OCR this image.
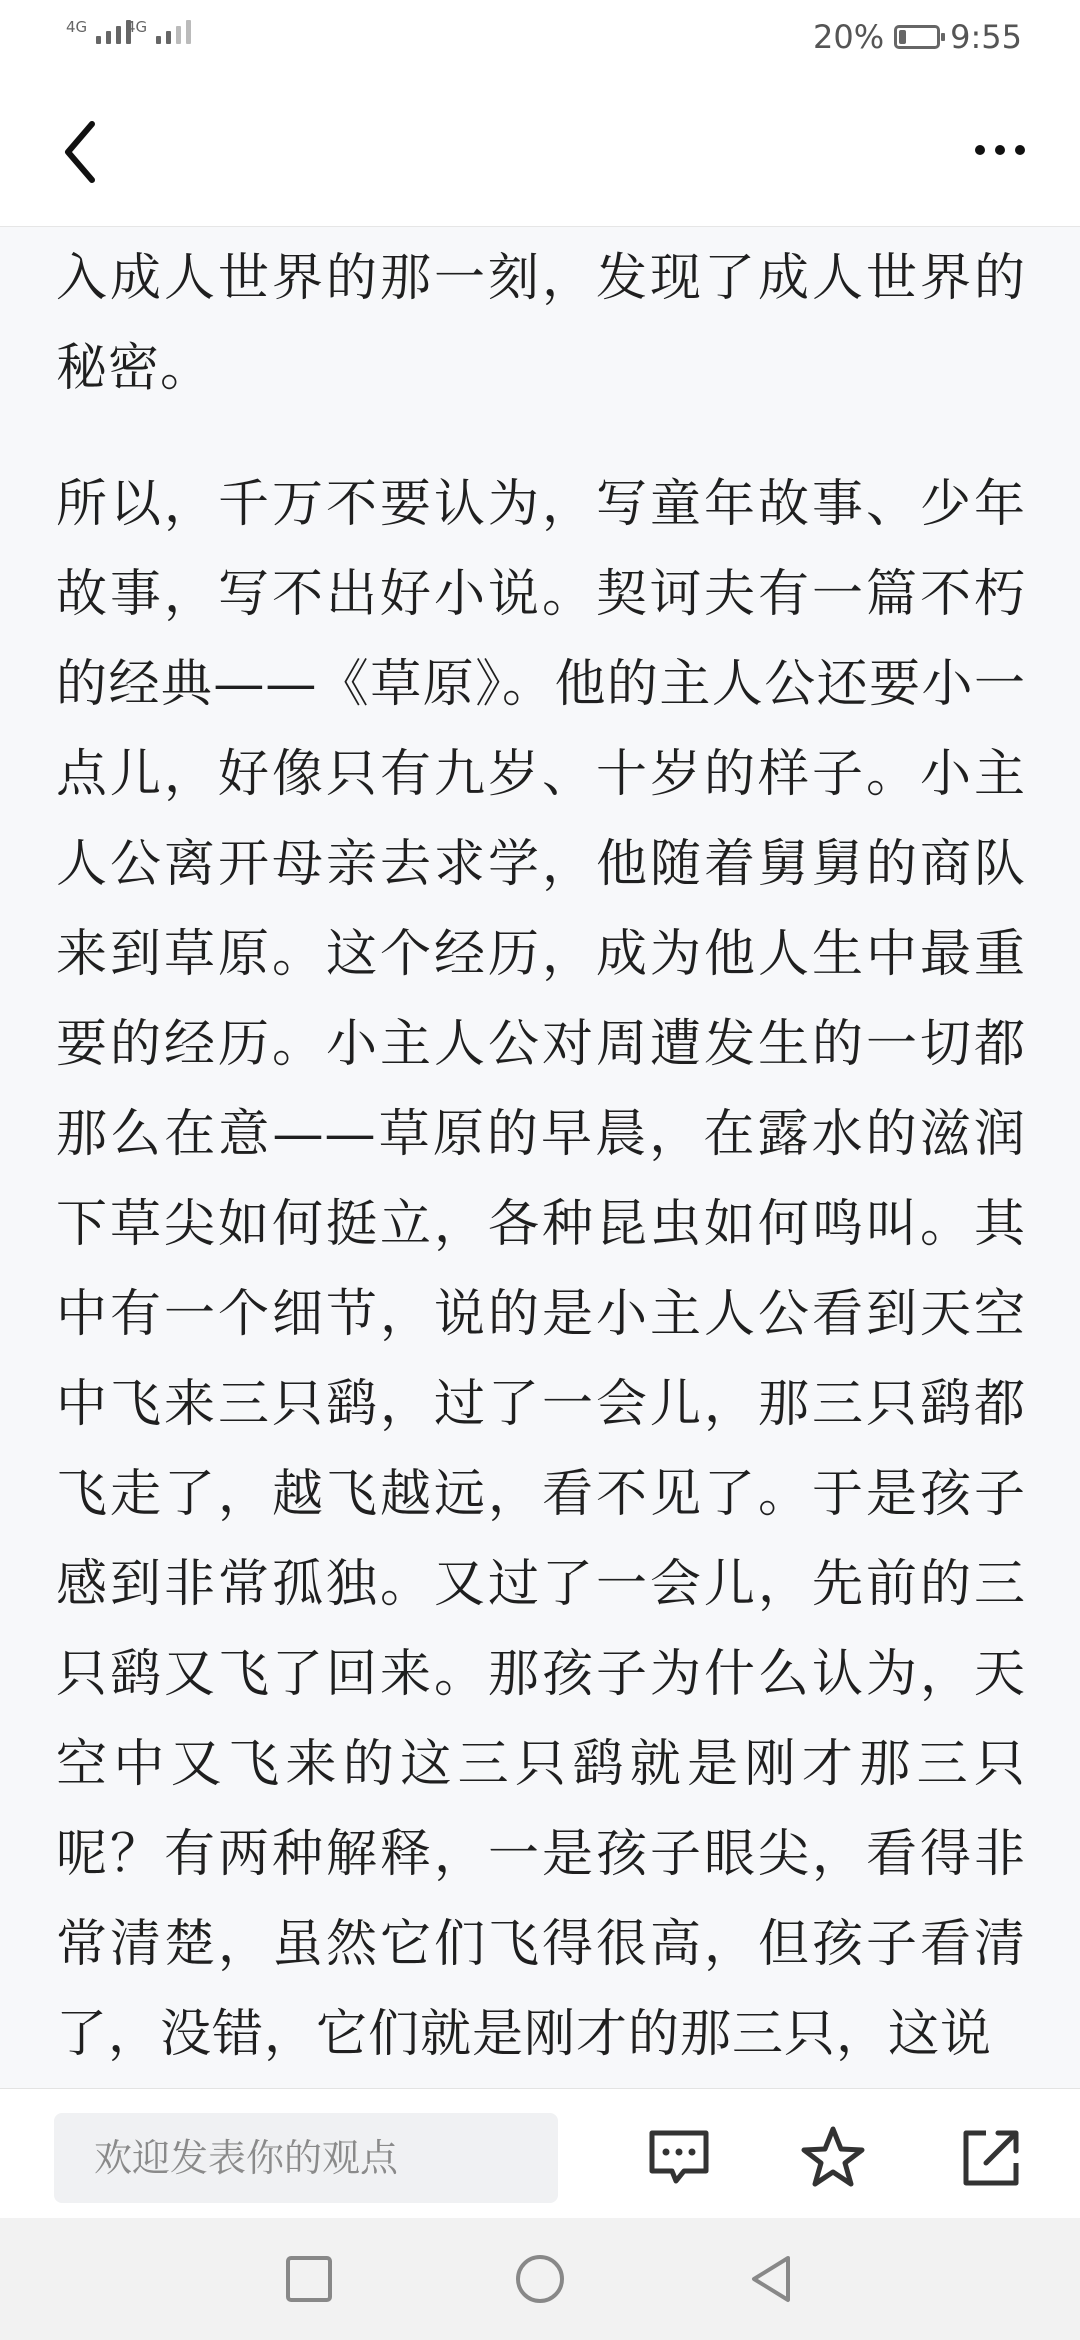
4G	4G	20% 9:55

入成人世界的那一刻，发现了成人世界的秘密。

所以，千万不要认为，写童年故事、少年故事，写不出好小说。契诃夫有一篇不朽的经典——《草原》。他的主人公还要小一点儿，好像只有九岁、十岁的样子。小主人公离开母亲去求学，他随着舅舅的商队来到草原。这个经历，成为他人生中最重要的经历。小主人公对周遭发生的一切都那么在意——草原的早晨，在露水的滋润下草尖如何挺立，各种昆虫如何鸣叫。其中有一个细节，说的是小主人公看到天空中飞来三只鹞，过了一会儿，那三只鹞都飞走了，越飞越远，看不见了。于是孩子感到非常孤独。又过了一会儿，先前的三只鹞又飞了回来。那孩子为什么认为，天空中又飞来的这三只鹞就是刚才那三只呢？有两种解释，一是孩子眼尖，看得非常清楚，虽然它们飞得很高，但孩子看清了，没错，它们就是刚才的那三只，这说

欢迎发表你的观点
